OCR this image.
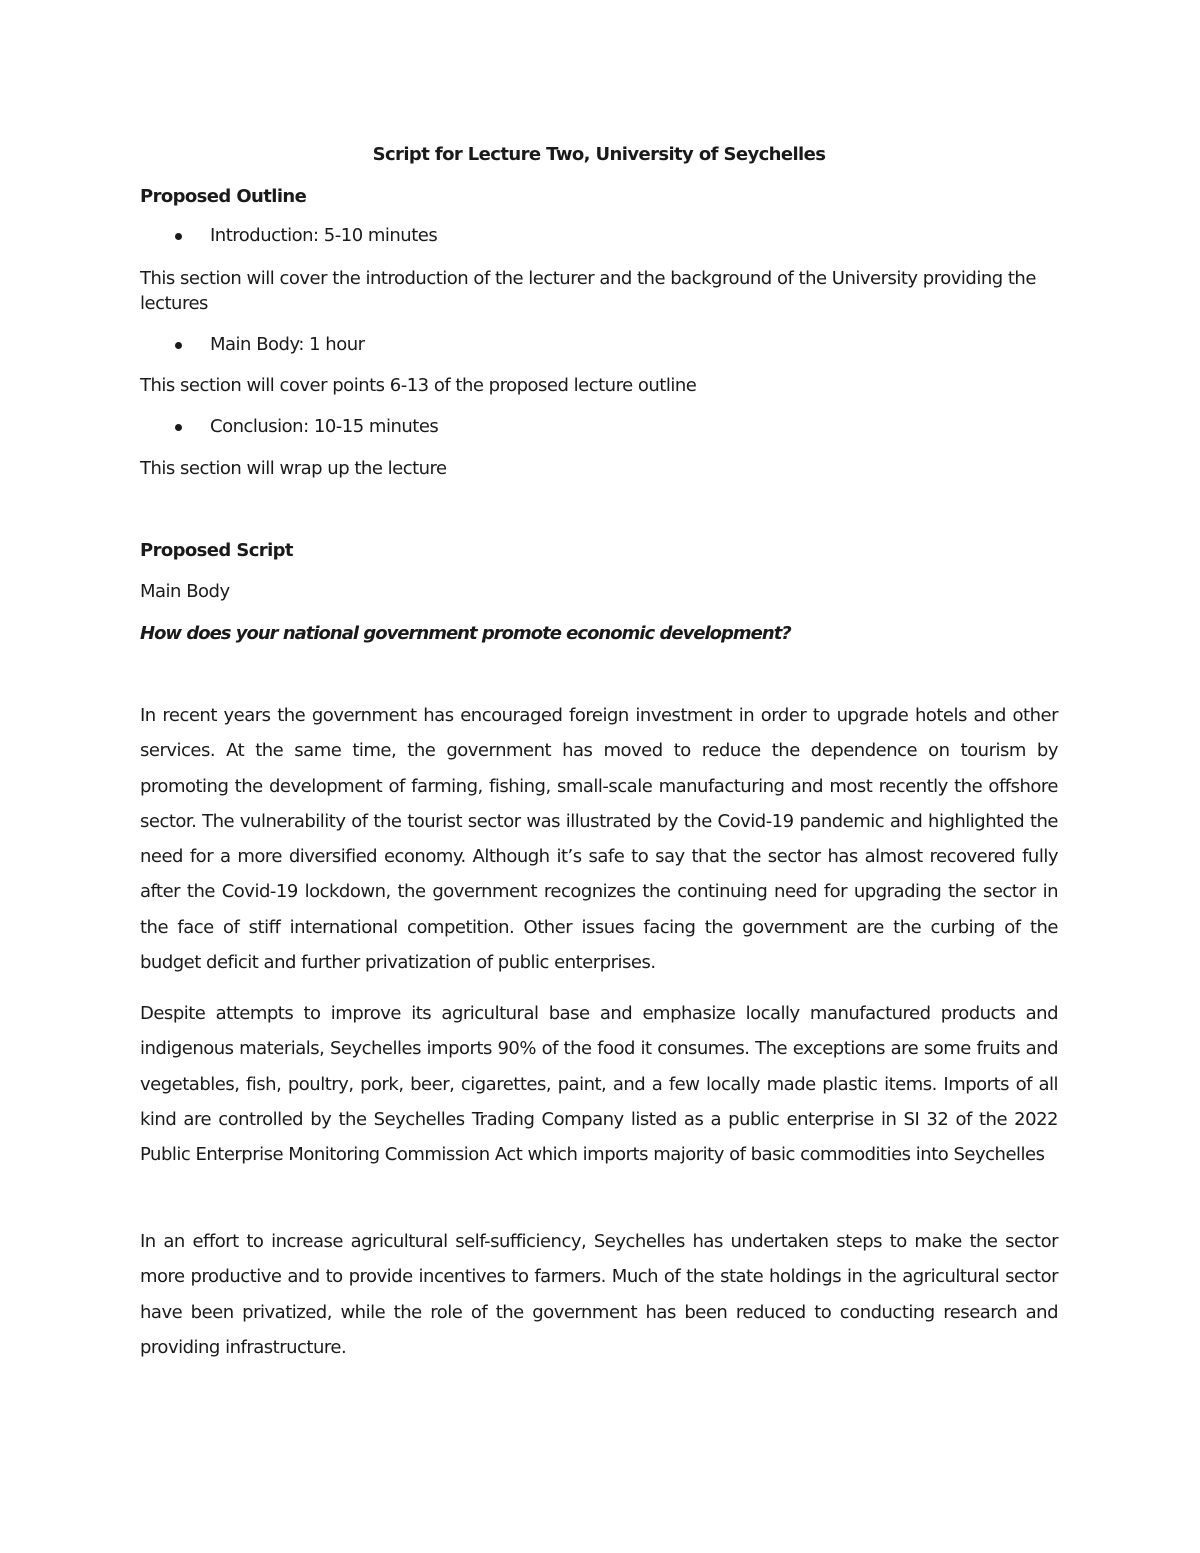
Script for Lecture Two, University of Seychelles
Proposed Outline
Introduction: 5-10 minutes
This section will cover the introduction of the lecturer and the background of the University providing the lectures
Main Body: 1 hour
This section will cover points 6-13 of the proposed lecture outline
Conclusion: 10-15 minutes
This section will wrap up the lecture
Proposed Script
Main Body
How does your national government promote economic development?
In recent years the government has encouraged foreign investment in order to upgrade hotels and other services. At the same time, the government has moved to reduce the dependence on tourism by promoting the development of farming, fishing, small-scale manufacturing and most recently the offshore sector. The vulnerability of the tourist sector was illustrated by the Covid-19 pandemic and highlighted the need for a more diversified economy. Although it’s safe to say that the sector has almost recovered fully after the Covid-19 lockdown, the government recognizes the continuing need for upgrading the sector in the face of stiff international competition. Other issues facing the government are the curbing of the budget deficit and further privatization of public enterprises.
Despite attempts to improve its agricultural base and emphasize locally manufactured products and indigenous materials, Seychelles imports 90% of the food it consumes. The exceptions are some fruits and vegetables, fish, poultry, pork, beer, cigarettes, paint, and a few locally made plastic items. Imports of all kind are controlled by the Seychelles Trading Company listed as a public enterprise in SI 32 of the 2022 Public Enterprise Monitoring Commission Act which imports majority of basic commodities into Seychelles
In an effort to increase agricultural self-sufficiency, Seychelles has undertaken steps to make the sector more productive and to provide incentives to farmers. Much of the state holdings in the agricultural sector have been privatized, while the role of the government has been reduced to conducting research and providing infrastructure.
